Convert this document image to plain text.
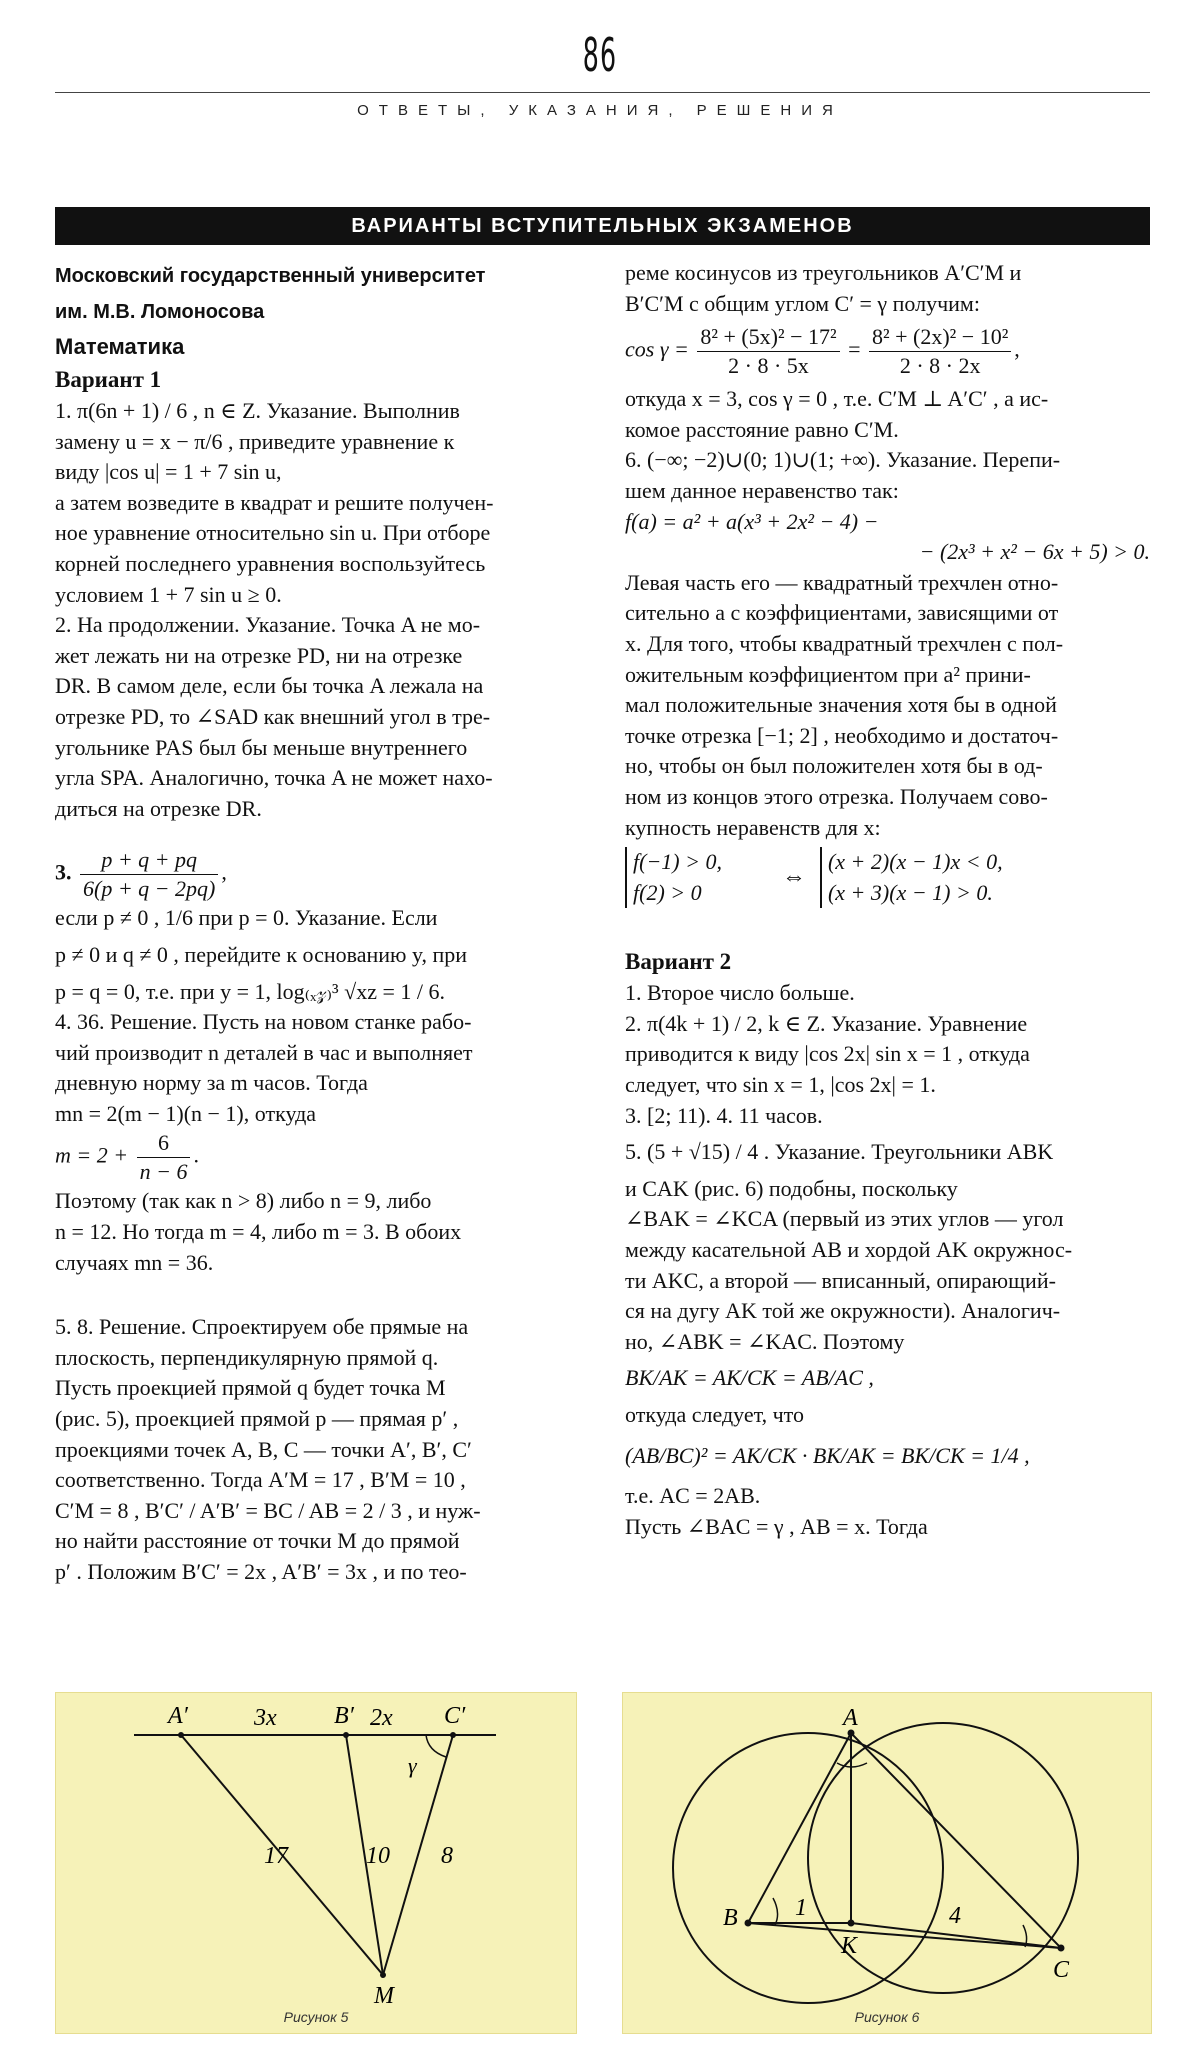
86
ОТВЕТЫ, УКАЗАНИЯ, РЕШЕНИЯ
ВАРИАНТЫ ВСТУПИТЕЛЬНЫХ ЭКЗАМЕНОВ

Московский государственный университет

им. М.В. Ломоносова

Математика

Вариант 1

1. π(6n + 1) / 6 , n ∈ Z. Указание. Выполнив

замену u = x − π/6 , приведите уравнение к

виду |cos u| = 1 + 7 sin u,

а затем возведите в квадрат и решите получен-

ное уравнение относительно sin u. При отборе

корней последнего уравнения воспользуйтесь

условием 1 + 7 sin u ≥ 0.

2. На продолжении. Указание. Точка A не мо-

жет лежать ни на отрезке PD, ни на отрезке

DR. В самом деле, если бы точка A лежала на

отрезке PD, то ∠SAD как внешний угол в тре-

угольнике PAS был бы меньше внутреннего

угла SPA. Аналогично, точка A не может нахо-

диться на отрезке DR.

3. $\frac{p + q + pq}{6(p + q - 2pq)}$ ,

если p ≠ 0 , 1/6 при p = 0. Указание. Если

p ≠ 0 и q ≠ 0 , перейдите к основанию y, при

p = q = 0, т.е. при y = 1, log₍ₓ𝓏₎³ √xz = 1 / 6.

4. 36. Решение. Пусть на новом станке рабо-

чий производит n деталей в час и выполняет

дневную норму за m часов. Тогда

mn = 2(m − 1)(n − 1), откуда

$m = 2 + \frac{6}{n - 6}$ .

Поэтому (так как n > 8) либо n = 9, либо

n = 12. Но тогда m = 4, либо m = 3. В обоих

случаях mn = 36.

5. 8. Решение. Спроектируем обе прямые на

плоскость, перпендикулярную прямой q.

Пусть проекцией прямой q будет точка M

(рис. 5), проекцией прямой p — прямая p′ ,

проекциями точек A, B, C — точки A′, B′, C′

соответственно. Тогда A′M = 17 , B′M = 10 ,

C′M = 8 , B′C′ / A′B′ = BC / AB = 2 / 3 , и нуж-

но найти расстояние от точки M до прямой

p′ . Положим B′C′ = 2x , A′B′ = 3x , и по тео-

реме косинусов из треугольников A′C′M и

B′C′M с общим углом C′ = γ получим:

$\cos \gamma = \frac{\text{8² + (5x)² − 17²}}{2 \cdot 8 \cdot 5x} = \frac{\text{8² + (2x)² − 10²}}{2 \cdot 8 \cdot 2x}$ ,

откуда x = 3, cos γ = 0 , т.е. C′M ⊥ A′C′ , а ис-

комое расстояние равно C′M.

6. (−∞; −2)∪(0; 1)∪(1; +∞). Указание. Перепи-

шем данное неравенство так:

f(a) = a² + a(x³ + 2x² − 4) −

− (2x³ + x² − 6x + 5) > 0.

Левая часть его — квадратный трехчлен отно-

сительно a с коэффициентами, зависящими от

x. Для того, чтобы квадратный трехчлен с пол-

ожительным коэффициентом при a² прини-

мал положительные значения хотя бы в одной

точке отрезка [−1; 2] , необходимо и достаточ-

но, чтобы он был положителен хотя бы в од-

ном из концов этого отрезка. Получаем сово-

купность неравенств для x:

f(−1) > 0,
f(2) > 0
⇔
(x + 2)(x − 1)x < 0,
(x + 3)(x − 1) > 0.

Вариант 2

1. Второе число больше.

2. π(4k + 1) / 2, k ∈ Z. Указание. Уравнение

приводится к виду |cos 2x| sin x = 1 , откуда

следует, что sin x = 1, |cos 2x| = 1.

3. [2; 11). 4. 11 часов.

5. (5 + √15) / 4 . Указание. Треугольники ABK

и CAK (рис. 6) подобны, поскольку

∠BAK = ∠KCA (первый из этих углов — угол

между касательной AB и хордой AK окружнос-

ти AKC, а второй — вписанный, опирающий-

ся на дугу AK той же окружности). Аналогич-

но, ∠ABK = ∠KAC. Поэтому

BK/AK = AK/CK = AB/AC ,

откуда следует, что

(AB/BC)² = AK/CK · BK/AK = BK/CK = 1/4 ,

т.е. AC = 2AB.

Пусть ∠BAC = γ , AB = x. Тогда

A′	3x B′ 2x C′
γ
17	10 8
M
Рисунок 5
A
B
K
C
1	4
Рисунок 6
